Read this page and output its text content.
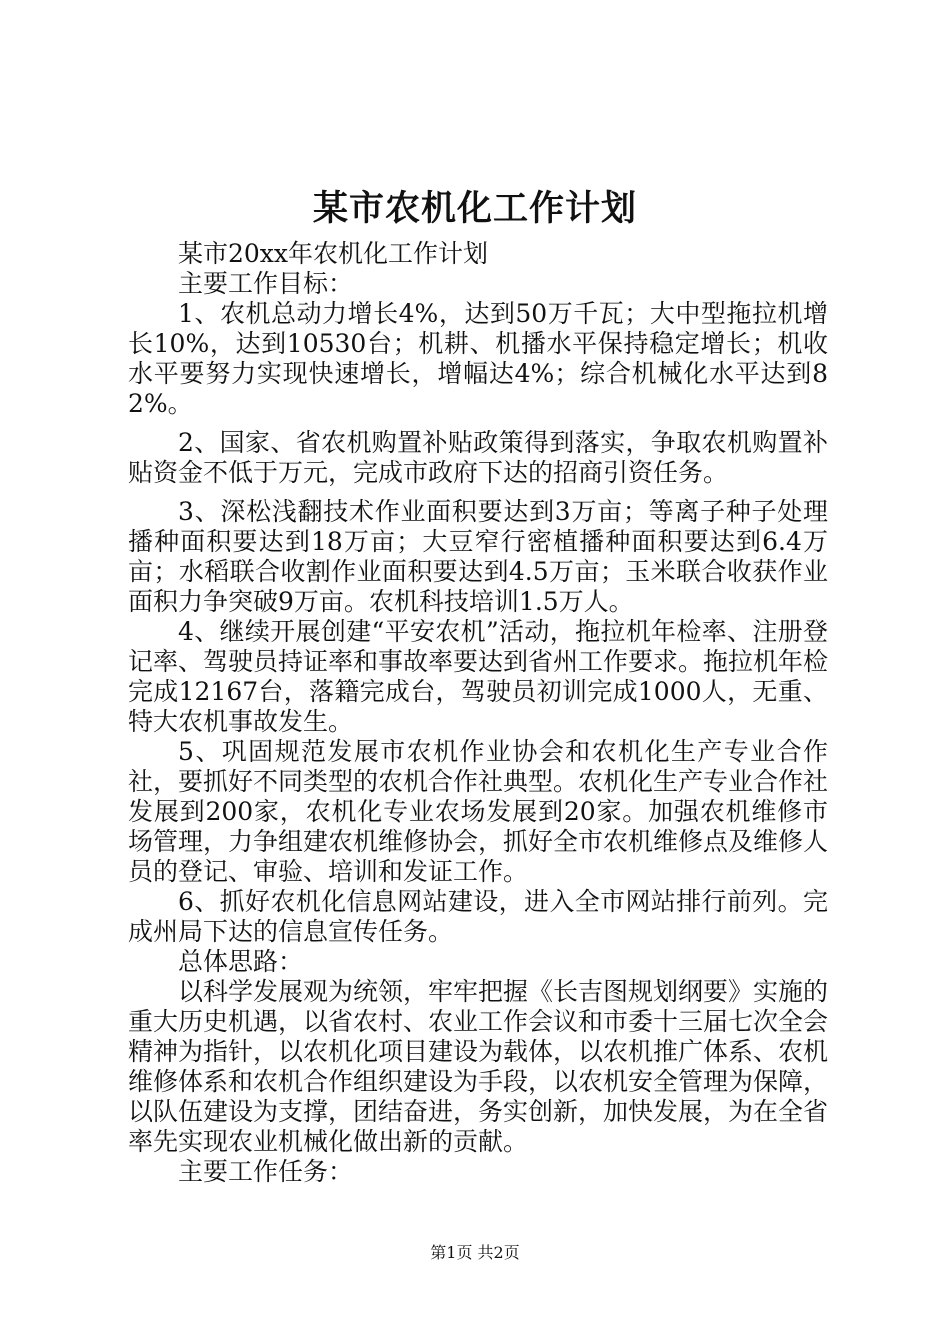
某市农机化工作计划

某市20xx年农机化工作计划

主要工作目标：

1、农机总动力增长4%，达到50万千瓦；大中型拖拉机增长10%，达到10530台；机耕、机播水平保持稳定增长；机收水平要努力实现快速增长，增幅达4%；综合机械化水平达到82%。

2、国家、省农机购置补贴政策得到落实，争取农机购置补贴资金不低于万元，完成市政府下达的招商引资任务。

3、深松浅翻技术作业面积要达到3万亩；等离子种子处理播种面积要达到18万亩；大豆窄行密植播种面积要达到6.4万亩；水稻联合收割作业面积要达到4.5万亩；玉米联合收获作业面积力争突破9万亩。农机科技培训1.5万人。

4、继续开展创建“平安农机”活动，拖拉机年检率、注册登记率、驾驶员持证率和事故率要达到省州工作要求。拖拉机年检完成12167台，落籍完成台，驾驶员初训完成1000人，无重、特大农机事故发生。

5、巩固规范发展市农机作业协会和农机化生产专业合作社，要抓好不同类型的农机合作社典型。农机化生产专业合作社发展到200家，农机化专业农场发展到20家。加强农机维修市场管理，力争组建农机维修协会，抓好全市农机维修点及维修人员的登记、审验、培训和发证工作。

6、抓好农机化信息网站建设，进入全市网站排行前列。完成州局下达的信息宣传任务。

总体思路：

以科学发展观为统领，牢牢把握《长吉图规划纲要》实施的重大历史机遇，以省农村、农业工作会议和市委十三届七次全会精神为指针，以农机化项目建设为载体，以农机推广体系、农机维修体系和农机合作组织建设为手段，以农机安全管理为保障，以队伍建设为支撑，团结奋进，务实创新，加快发展，为在全省率先实现农业机械化做出新的贡献。

主要工作任务：

第1页 共2页
